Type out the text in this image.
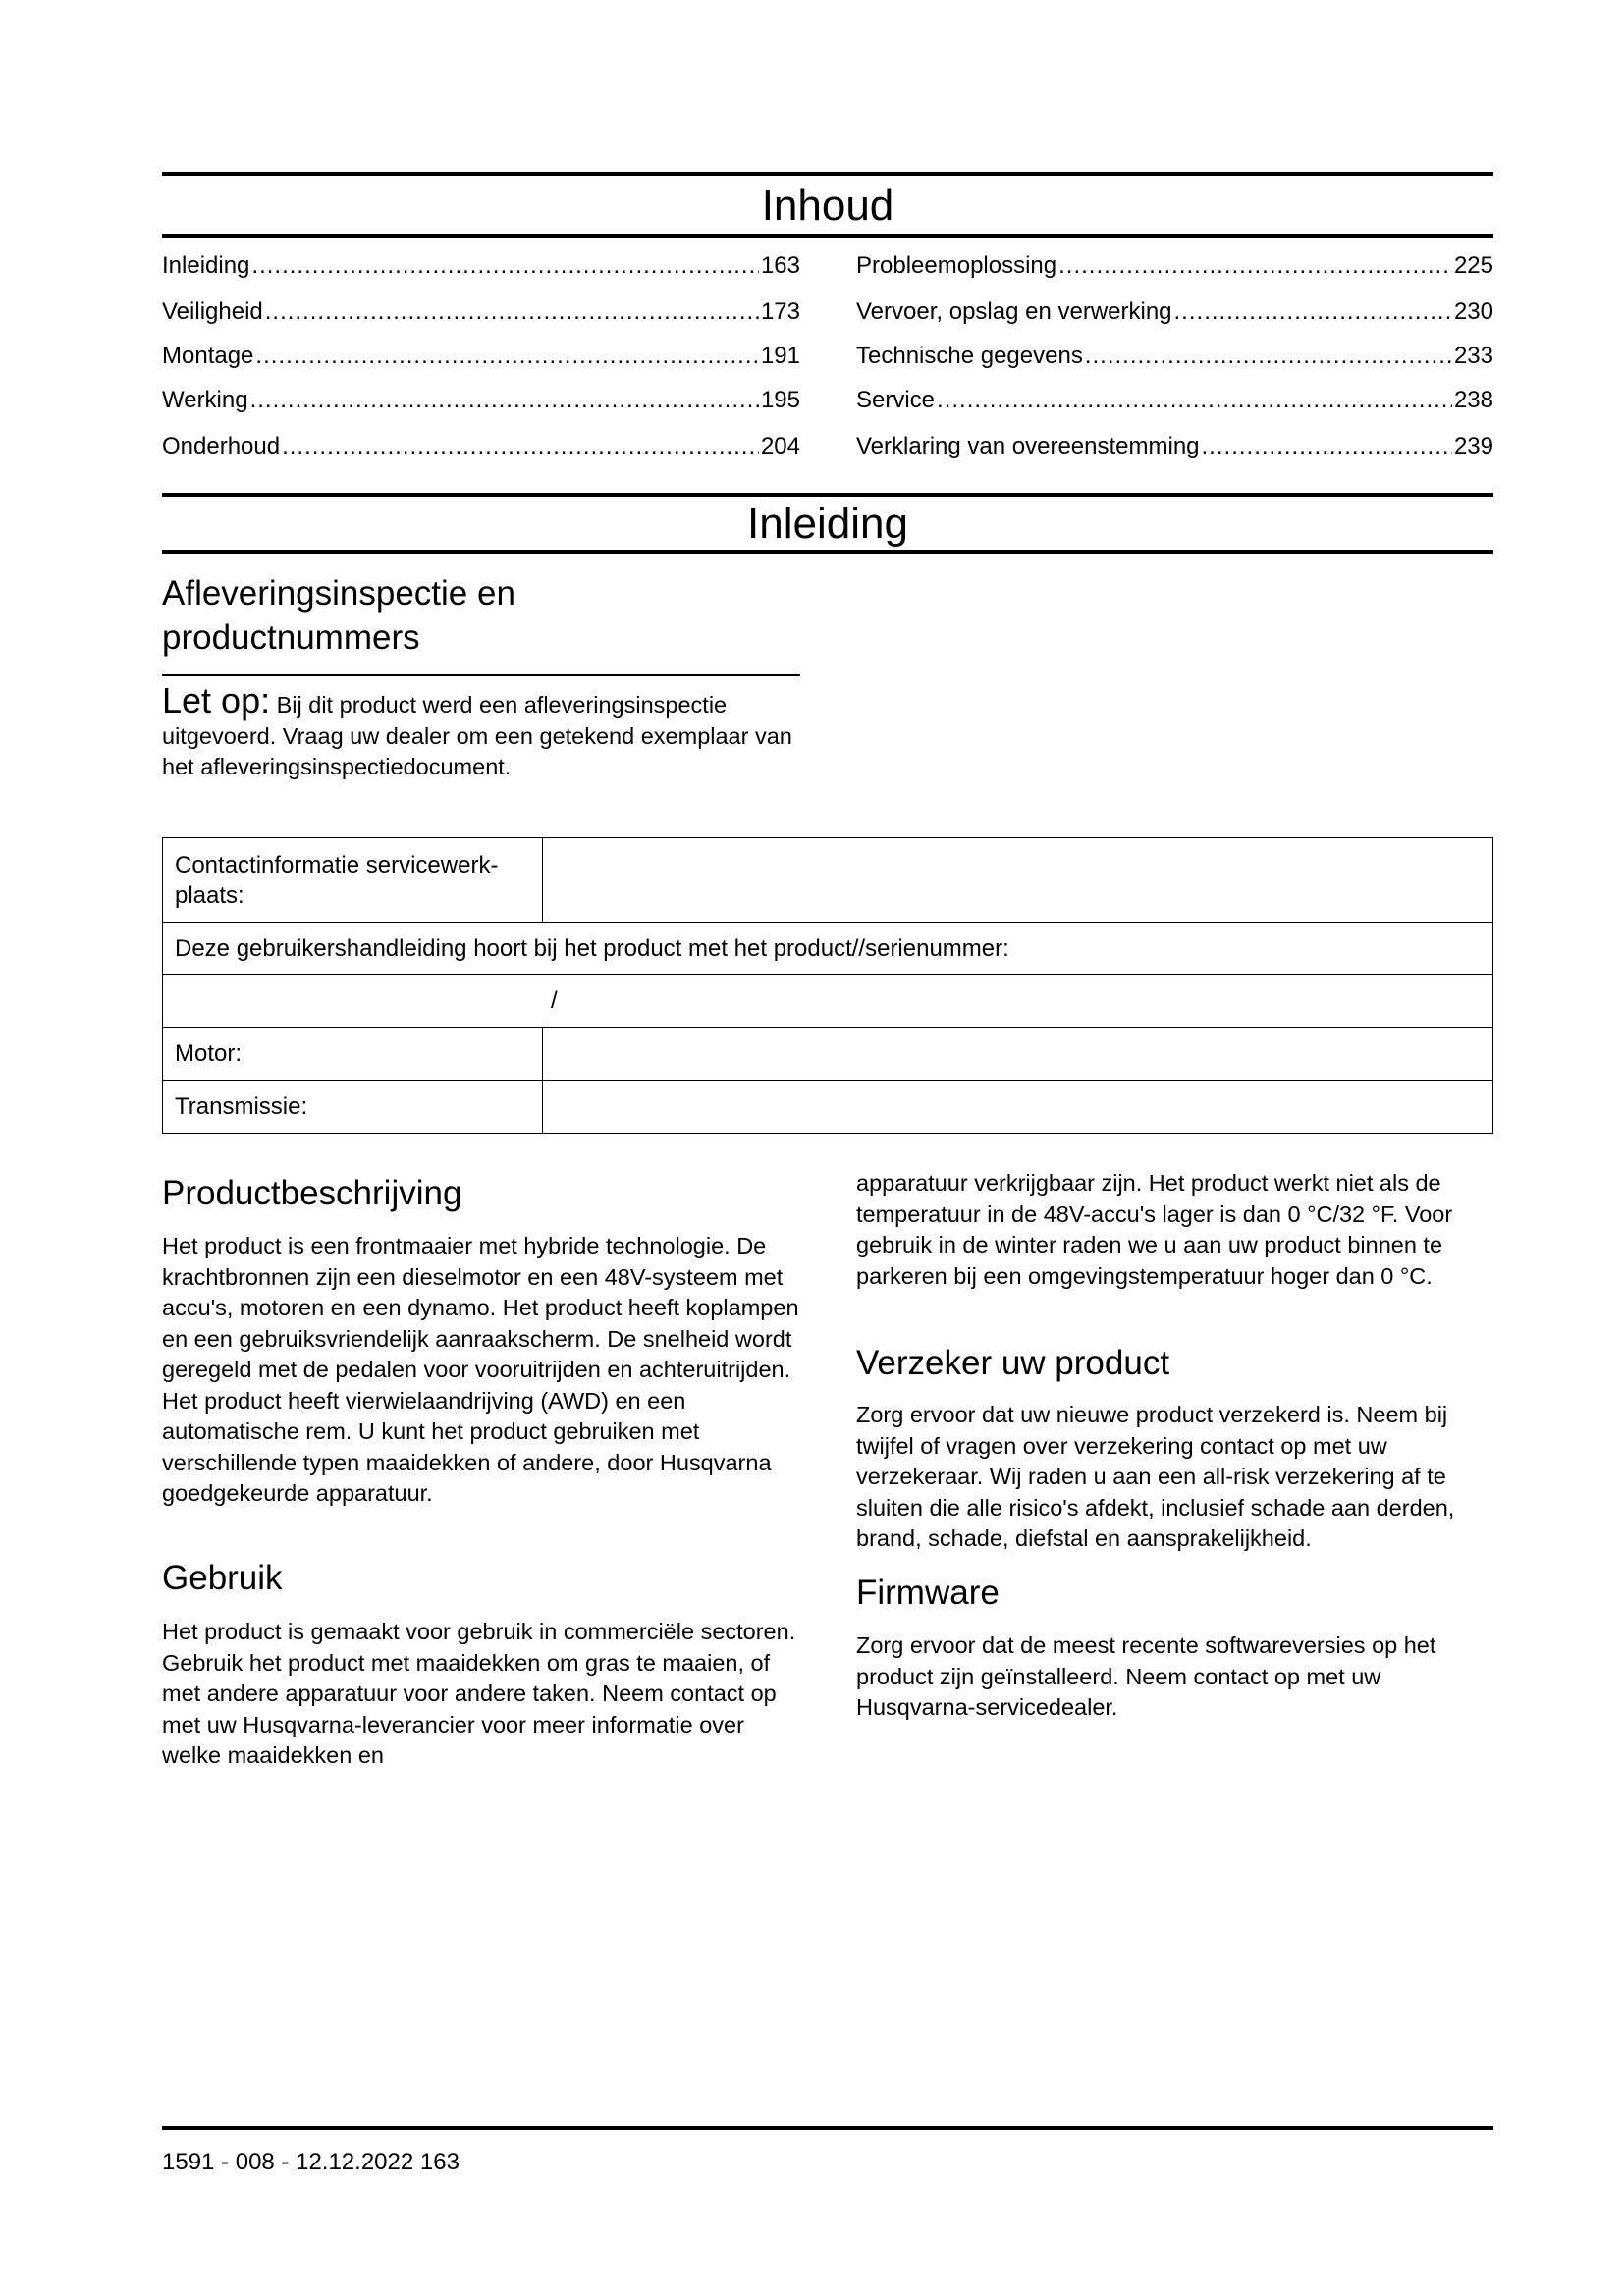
Inhoud
Inleiding .....	163
Veiligheid .....	173
Montage .....	191
Werking .....	195
Onderhoud .....	204
Probleemoplossing .....	225
Vervoer, opslag en verwerking .....	230
Technische gegevens .....	233
Service .....	238
Verklaring van overeenstemming .....	239
Inleiding
Afleveringsinspectie en productnummers
Let op: Bij dit product werd een afleveringsinspectie uitgevoerd. Vraag uw dealer om een getekend exemplaar van het afleveringsinspectiedocument.
Contactinformatie servicewerk-plaats:	
Deze gebruikershandleiding hoort bij het product met het product//serienummer:	
/	
Motor:	
Transmissie:	
Productbeschrijving
Het product is een frontmaaier met hybride technologie. De krachtbronnen zijn een dieselmotor en een 48V-systeem met accu's, motoren en een dynamo. Het product heeft koplampen en een gebruiksvriendelijk aanraakscherm. De snelheid wordt geregeld met de pedalen voor vooruitrijden en achteruitrijden. Het product heeft vierwielaandrijving (AWD) en een automatische rem. U kunt het product gebruiken met verschillende typen maaidekken of andere, door Husqvarna goedgekeurde apparatuur.
Gebruik
Het product is gemaakt voor gebruik in commerciële sectoren. Gebruik het product met maaidekken om gras te maaien, of met andere apparatuur voor andere taken. Neem contact op met uw Husqvarna-leverancier voor meer informatie over welke maaidekken en
apparatuur verkrijgbaar zijn. Het product werkt niet als de temperatuur in de 48V-accu's lager is dan 0 °C/32 °F. Voor gebruik in de winter raden we u aan uw product binnen te parkeren bij een omgevingstemperatuur hoger dan 0 °C.
Verzeker uw product
Zorg ervoor dat uw nieuwe product verzekerd is. Neem bij twijfel of vragen over verzekering contact op met uw verzekeraar. Wij raden u aan een all-risk verzekering af te sluiten die alle risico's afdekt, inclusief schade aan derden, brand, schade, diefstal en aansprakelijkheid.
Firmware
Zorg ervoor dat de meest recente softwareversies op het product zijn geïnstalleerd. Neem contact op met uw Husqvarna-servicedealer.
1591 - 008 - 12.12.2022 163
